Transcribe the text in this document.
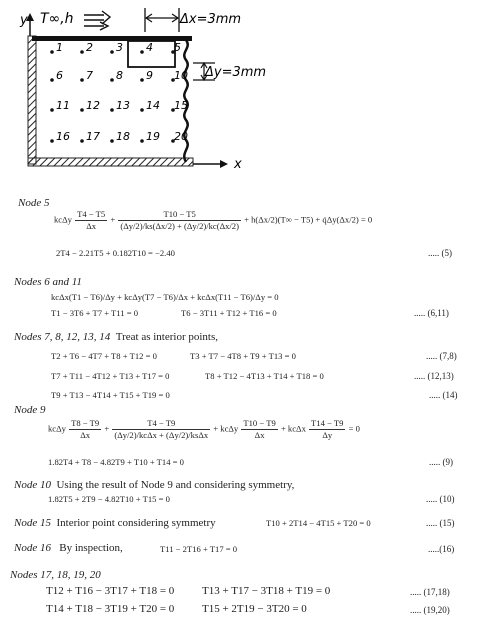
y T∞,h	Δx=3mm
Δy=3mm
x
1 2 3 4 5
6 7 8 9 10
11 12 13 14 15
16 17 18 19 20
Node 5
kcΔy $\frac{T4 - T5}{\Delta x} + \frac{T10 - T5}{(\Delta y/2)/ks(\Delta x/2) + (\Delta y/2)/kc(\Delta x/2)} + h(\Delta x/2)(T\infty - T5)$ + q̇Δy(Δx/2) = 0
2T4 − 2.21T5 + 0.182T10 = −2.40	..... (5)
Nodes 6 and 11
kcΔx(T1 − T6)/Δy + kcΔy(T7 − T6)/Δx + kcΔx(T11 − T6)/Δy = 0
T1 − 3T6 + T7 + T11 = 0	T6 − 3T11 + T12 + T16 = 0	..... (6,11)
Nodes 7, 8, 12, 13, 14 Treat as interior points,
T2 + T6 − 4T7 + T8 + T12 = 0	T3 + T7 − 4T8 + T9 + T13 = 0	..... (7,8)
T7 + T11 − 4T12 + T13 + T17 = 0	T8 + T12 − 4T13 + T14 + T18 = 0	..... (12,13)
T9 + T13 − 4T14 + T15 + T19 = 0	..... (14)
Node 9
kcΔy $\frac{T8 - T9}{\Delta x} + \frac{T4 - T9}{\text{(Δy/2)/kcΔx + (Δy/2)/ksΔx}} + kc\Delta y \frac{T10 - T9}{\Delta x} + kc\Delta x \frac{T14 - T9}{\Delta y} = 0$
1.82T4 + T8 − 4.82T9 + T10 + T14 = 0	..... (9)
Node 10 Using the result of Node 9 and considering symmetry,
1.82T5 + 2T9 − 4.82T10 + T15 = 0	..... (10)
Node 15 Interior point considering symmetry	T10 + 2T14 − 4T15 + T20 = 0	..... (15)
Node 16 By inspection,	T11 − 2T16 + T17 = 0	.....(16)
Nodes 17, 18, 19, 20
T12 + T16 − 3T17 + T18 = 0	T13 + T17 − 3T18 + T19 = 0	..... (17,18)
T14 + T18 − 3T19 + T20 = 0	T15 + 2T19 − 3T20 = 0	..... (19,20)
